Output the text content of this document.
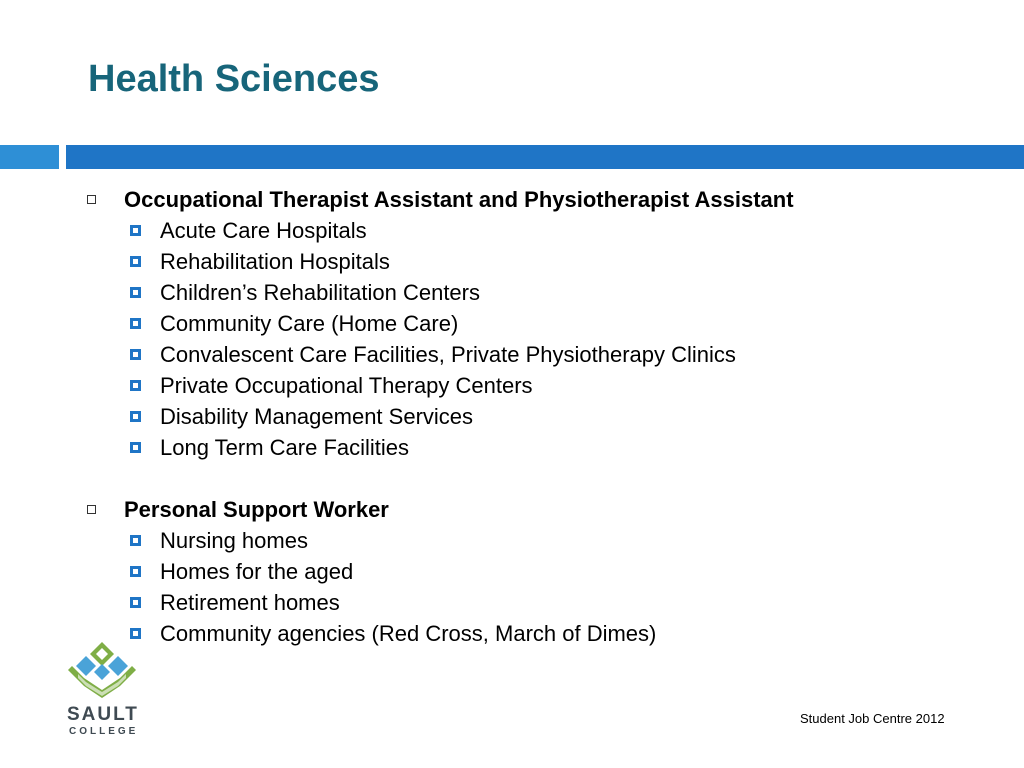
Health Sciences
Occupational Therapist Assistant and Physiotherapist Assistant
Acute Care Hospitals
Rehabilitation Hospitals
Children’s Rehabilitation Centers
Community Care (Home Care)
Convalescent Care Facilities, Private Physiotherapy Clinics
Private Occupational Therapy Centers
Disability Management Services
Long Term Care Facilities
Personal Support Worker
Nursing homes
Homes for the aged
Retirement homes
Community agencies (Red Cross, March of Dimes)
SAULT
COLLEGE
Student Job Centre 2012
